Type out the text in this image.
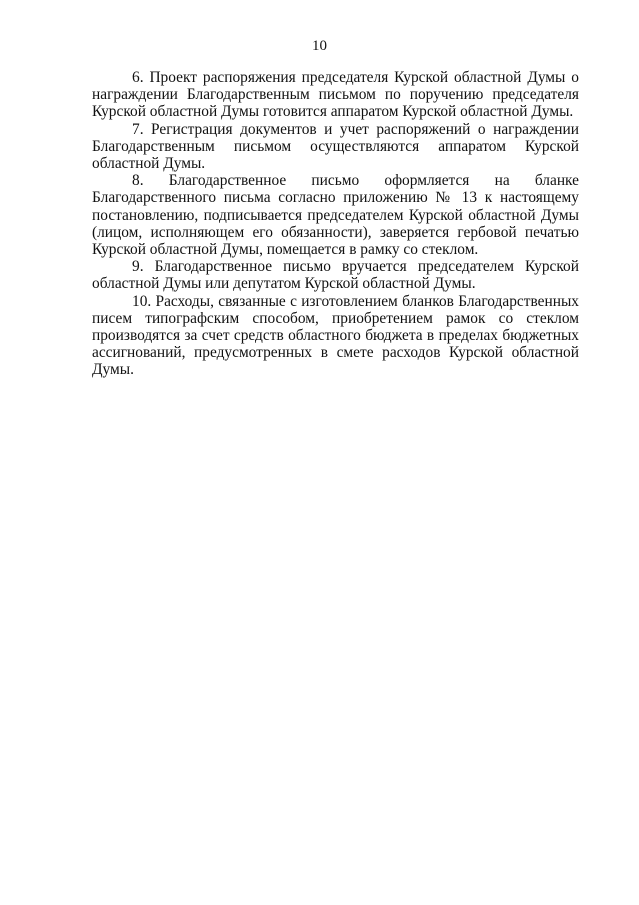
10

6. Проект распоряжения председателя Курской областной Думы о награждении Благодарственным письмом по поручению председателя Курской областной Думы готовится аппаратом Курской областной Думы.

7. Регистрация документов и учет распоряжений о награждении Благодарственным письмом осуществляются аппаратом Курской областной Думы.

8. Благодарственное письмо оформляется на бланке Благодарственного письма согласно приложению № 13 к настоящему постановлению, подписывается председателем Курской областной Думы (лицом, исполняющем его обязанности), заверяется гербовой печатью Курской областной Думы, помещается в рамку со стеклом.

9. Благодарственное письмо вручается председателем Курской областной Думы или депутатом Курской областной Думы.

10. Расходы, связанные с изготовлением бланков Благодарственных писем типографским способом, приобретением рамок со стеклом производятся за счет средств областного бюджета в пределах бюджетных ассигнований, предусмотренных в смете расходов Курской областной Думы.
